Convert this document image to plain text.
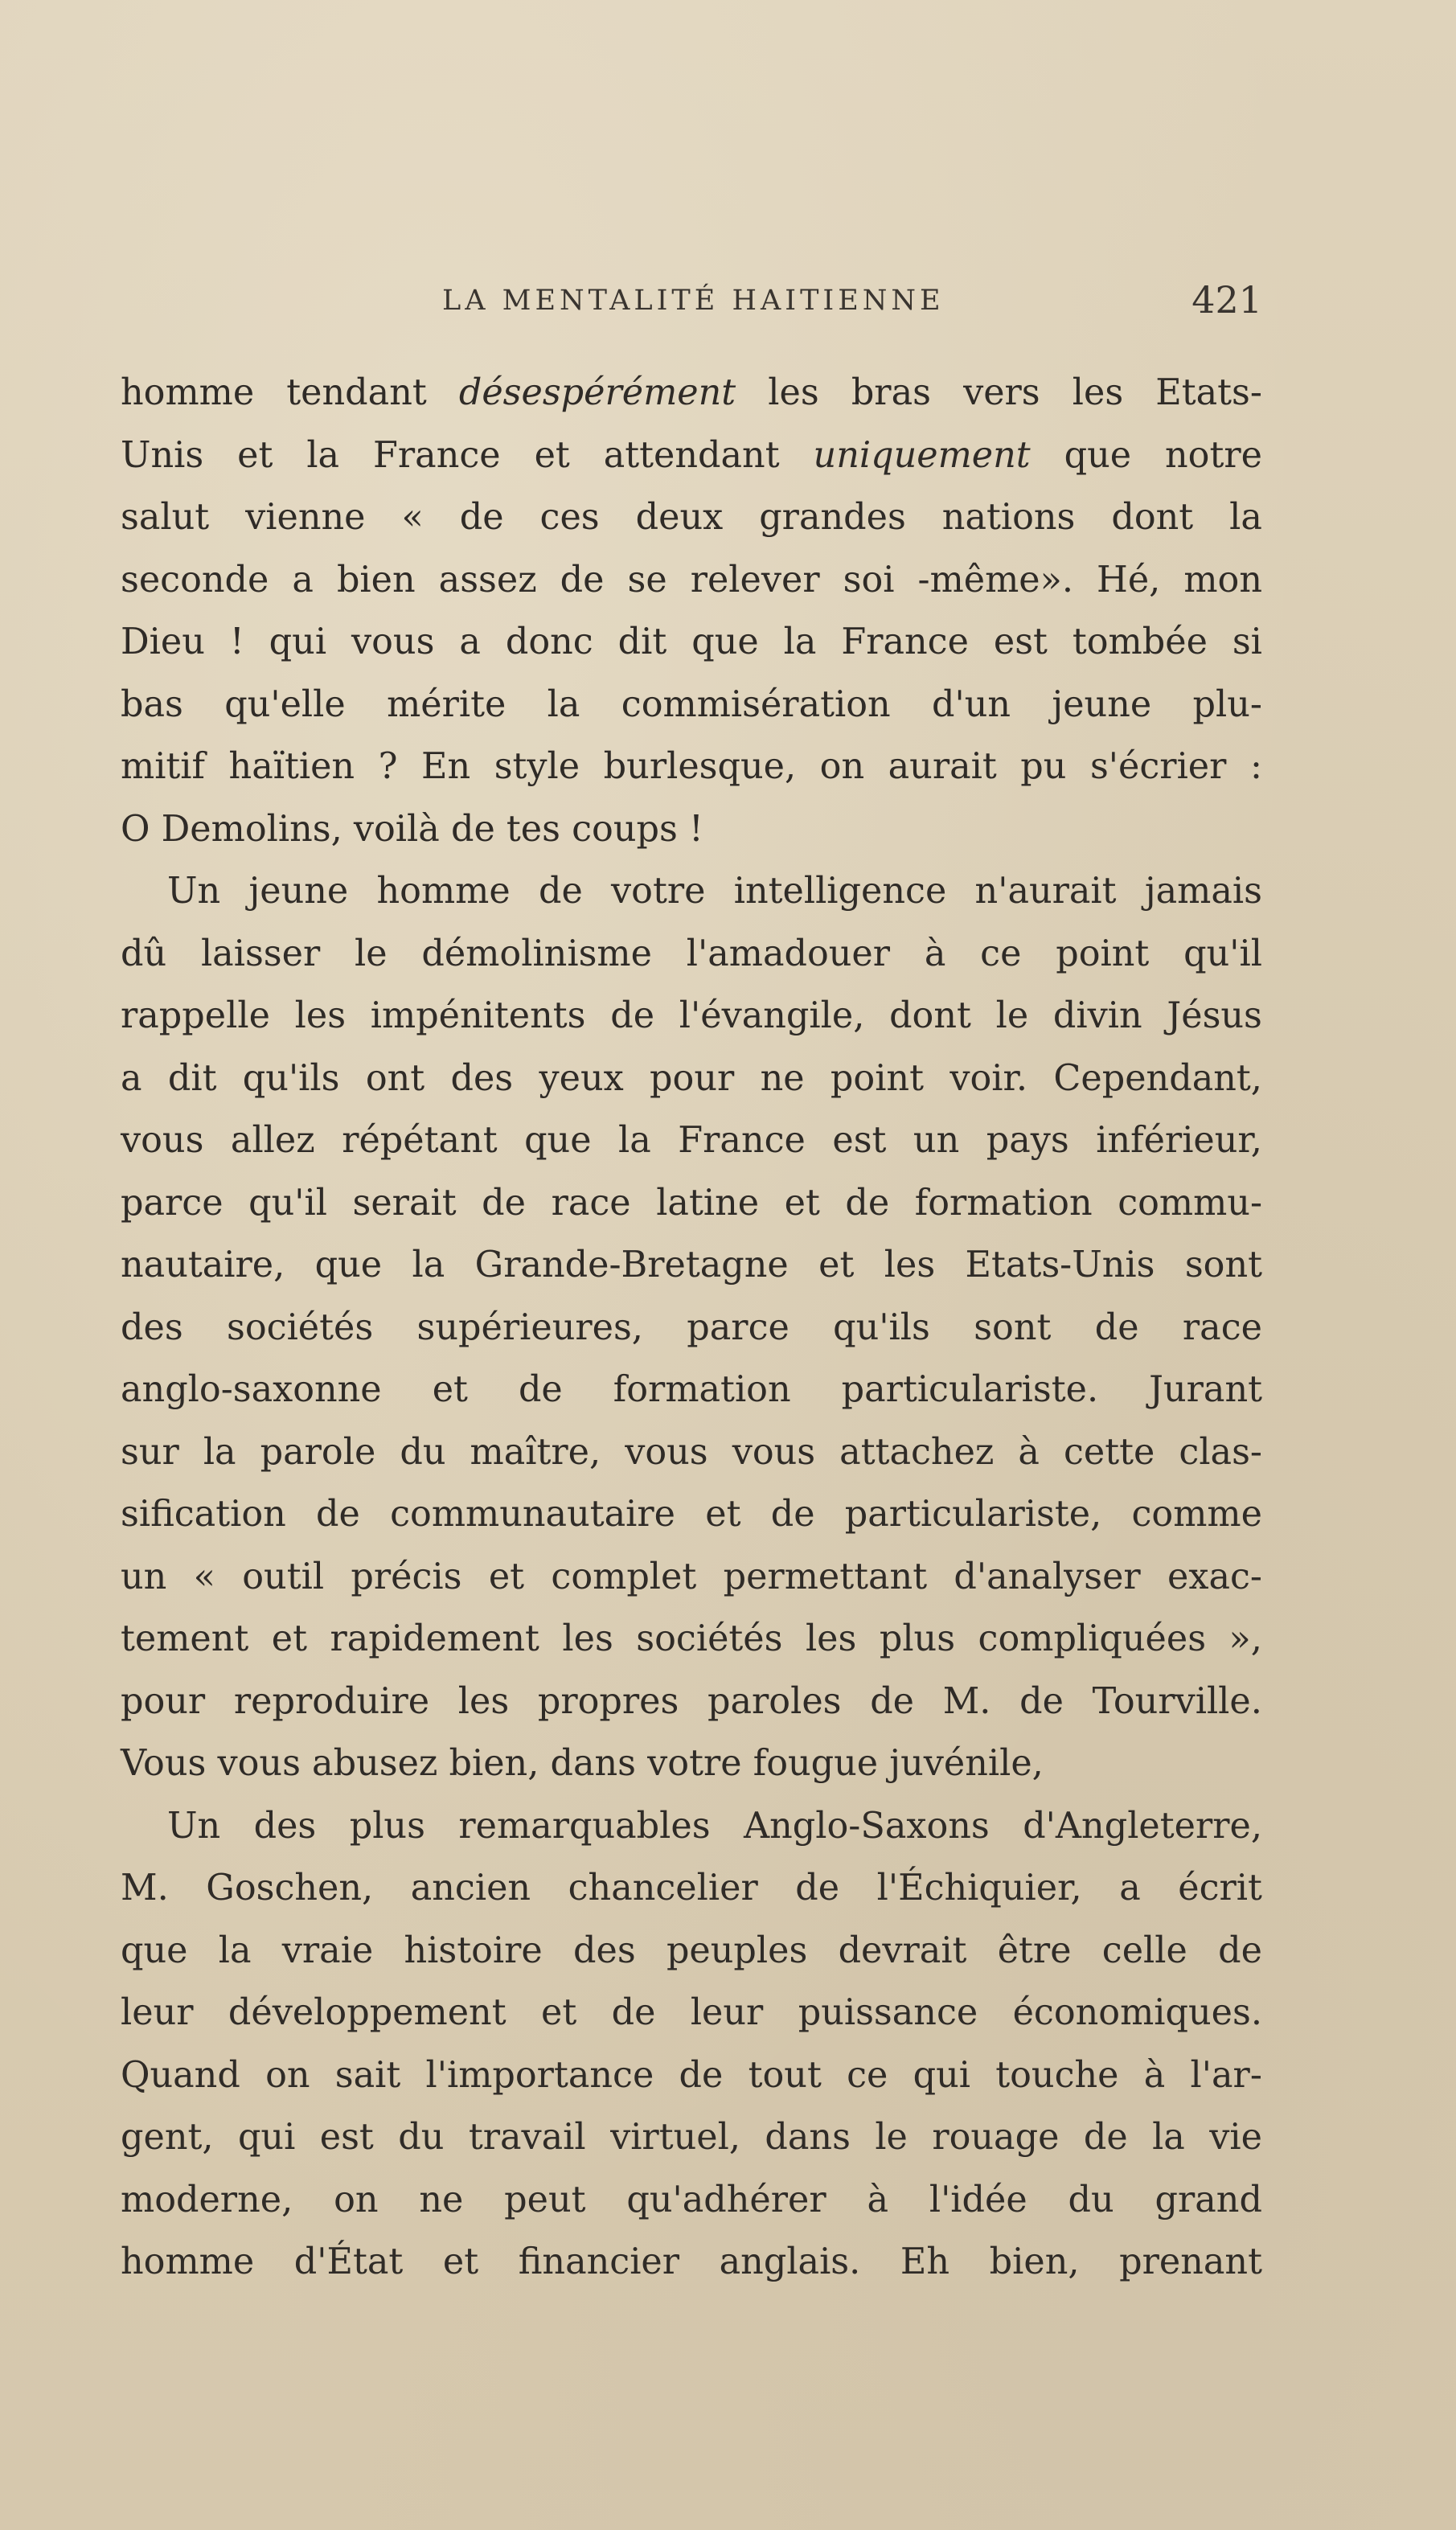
LA MENTALITÉ HAITIENNE	421
homme tendant désespérément les bras vers les Etats-
Unis et la France et attendant uniquement que notre
salut vienne « de ces deux grandes nations dont la
seconde a bien assez de se relever soi -même». Hé, mon
Dieu ! qui vous a donc dit que la France est tombée si
bas qu'elle mérite la commisération d'un jeune plu-
mitif haïtien ? En style burlesque, on aurait pu s'écrier :
O Demolins, voilà de tes coups !
Un jeune homme de votre intelligence n'aurait jamais
dû laisser le démolinisme l'amadouer à ce point qu'il
rappelle les impénitents de l'évangile, dont le divin Jésus
a dit qu'ils ont des yeux pour ne point voir. Cependant,
vous allez répétant que la France est un pays inférieur,
parce qu'il serait de race latine et de formation commu-
nautaire, que la Grande-Bretagne et les Etats-Unis sont
des sociétés supérieures, parce qu'ils sont de race
anglo-saxonne et de formation particulariste. Jurant
sur la parole du maître, vous vous attachez à cette clas-
sification de communautaire et de particulariste, comme
un « outil précis et complet permettant d'analyser exac-
tement et rapidement les sociétés les plus compliquées »,
pour reproduire les propres paroles de M. de Tourville.
Vous vous abusez bien, dans votre fougue juvénile,
Un des plus remarquables Anglo-Saxons d'Angleterre,
M. Goschen, ancien chancelier de l'Échiquier, a écrit
que la vraie histoire des peuples devrait être celle de
leur développement et de leur puissance économiques.
Quand on sait l'importance de tout ce qui touche à l'ar-
gent, qui est du travail virtuel, dans le rouage de la vie
moderne, on ne peut qu'adhérer à l'idée du grand
homme d'État et financier anglais. Eh bien, prenant
